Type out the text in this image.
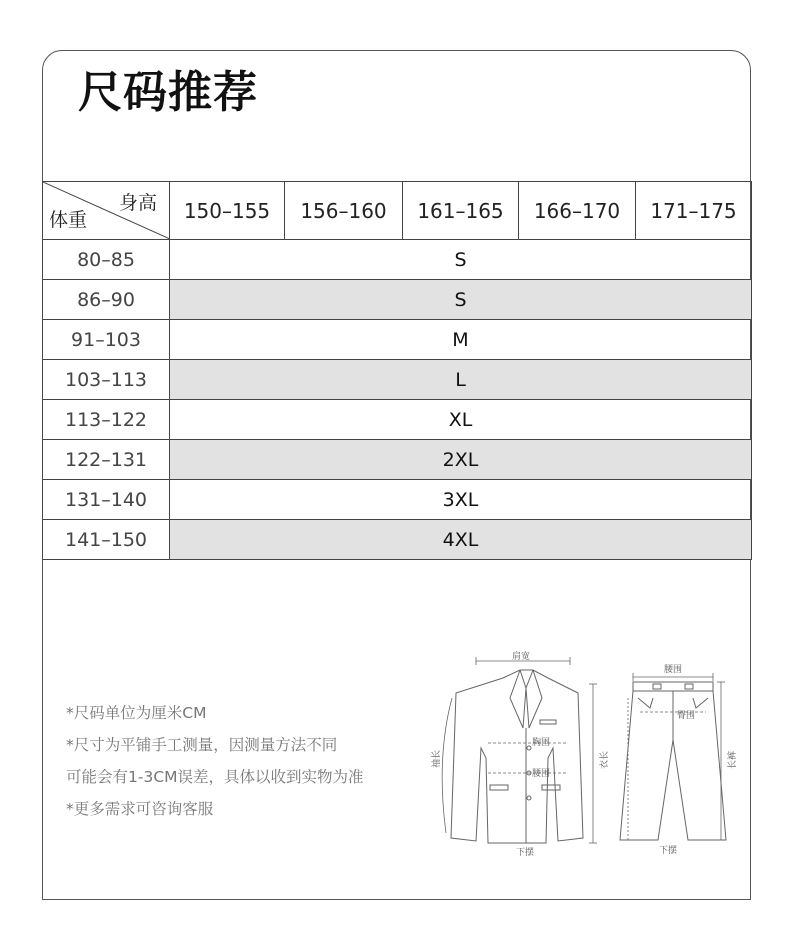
尺码推荐
身高
体重	150–155	156–160	161–165	166–170	171–175
80–85	S				
86–90	S				
91–103	M				
103–113	L				
113–122	XL				
122–131	2XL				
131–140	3XL				
141–150	4XL				
*尺码单位为厘米CM
*尺寸为平铺手工测量，因测量方法不同
可能会有1-3CM误差，具体以收到实物为准
*更多需求可咨询客服
肩宽
胸围
腰围
下摆
袖长	衣长
腰围
臀围
下摆
长裤
